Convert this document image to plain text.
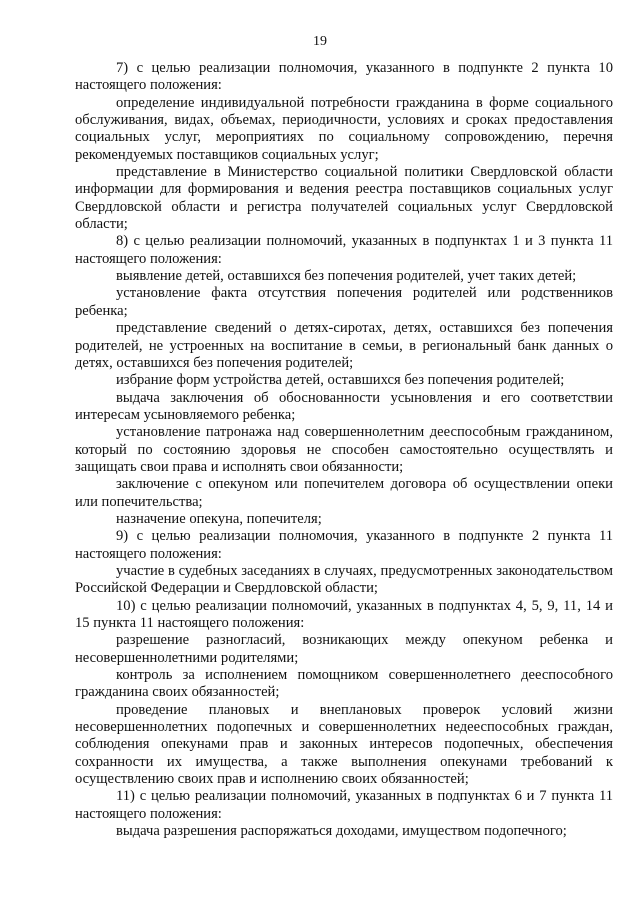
19

7) с целью реализации полномочия, указанного в подпункте 2 пункта 10 настоящего положения:

определение индивидуальной потребности гражданина в форме социального обслуживания, видах, объемах, периодичности, условиях и сроках предоставления социальных услуг, мероприятиях по социальному сопровождению, перечня рекомендуемых поставщиков социальных услуг;

представление в Министерство социальной политики Свердловской области информации для формирования и ведения реестра поставщиков социальных услуг Свердловской области и регистра получателей социальных услуг Свердловской области;

8) с целью реализации полномочий, указанных в подпунктах 1 и 3 пункта 11 настоящего положения:

выявление детей, оставшихся без попечения родителей, учет таких детей;

установление факта отсутствия попечения родителей или родственников ребенка;

представление сведений о детях-сиротах, детях, оставшихся без попечения родителей, не устроенных на воспитание в семьи, в региональный банк данных о детях, оставшихся без попечения родителей;

избрание форм устройства детей, оставшихся без попечения родителей;

выдача заключения об обоснованности усыновления и его соответствии интересам усыновляемого ребенка;

установление патронажа над совершеннолетним дееспособным гражданином, который по состоянию здоровья не способен самостоятельно осуществлять и защищать свои права и исполнять свои обязанности;

заключение с опекуном или попечителем договора об осуществлении опеки или попечительства;

назначение опекуна, попечителя;

9) с целью реализации полномочия, указанного в подпункте 2 пункта 11 настоящего положения:

участие в судебных заседаниях в случаях, предусмотренных законодательством Российской Федерации и Свердловской области;

10) с целью реализации полномочий, указанных в подпунктах 4, 5, 9, 11, 14 и 15 пункта 11 настоящего положения:

разрешение разногласий, возникающих между опекуном ребенка и несовершеннолетними родителями;

контроль за исполнением помощником совершеннолетнего дееспособного гражданина своих обязанностей;

проведение плановых и внеплановых проверок условий жизни несовершеннолетних подопечных и совершеннолетних недееспособных граждан, соблюдения опекунами прав и законных интересов подопечных, обеспечения сохранности их имущества, а также выполнения опекунами требований к осуществлению своих прав и исполнению своих обязанностей;

11) с целью реализации полномочий, указанных в подпунктах 6 и 7 пункта 11 настоящего положения:

выдача разрешения распоряжаться доходами, имуществом подопечного;
